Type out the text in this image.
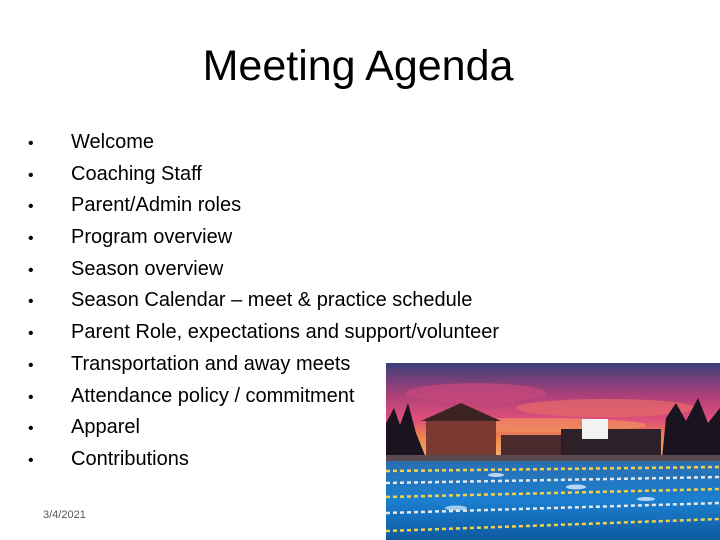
Meeting Agenda
•	Welcome
•	Coaching Staff
•	Parent/Admin roles
•	Program overview
•	Season overview
•	Season Calendar – meet & practice schedule
•	Parent Role, expectations and support/volunteer
•	Transportation and away meets
•	Attendance policy / commitment
•	Apparel
•	Contributions
3/4/2021
